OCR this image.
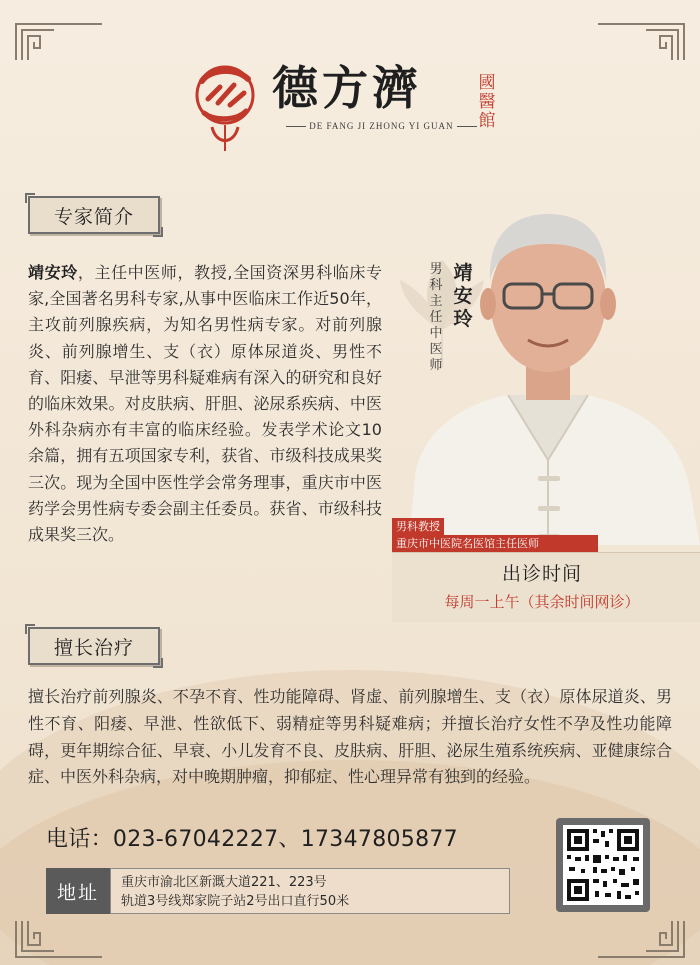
德方濟
DE FANG JI ZHONG YI GUAN
國醫館
专家简介
靖安玲，主任中医师，教授,全国资深男科临床专家,全国著名男科专家,从事中医临床工作近50年，主攻前列腺疾病，为知名男性病专家。对前列腺炎、前列腺增生、支（衣）原体尿道炎、男性不育、阳痿、早泄等男科疑难病有深入的研究和良好的临床效果。对皮肤病、肝胆、泌尿系疾病、中医外科杂病亦有丰富的临床经验。发表学术论文10余篇，拥有五项国家专利，获省、市级科技成果奖三次。现为全国中医性学会常务理事，重庆市中医药学会男性病专委会副主任委员。获省、市级科技成果奖三次。
靖安玲
男科主任中医师
男科教授
重庆市中医院名医馆主任医师
出诊时间
每周一上午（其余时间网诊）
擅长治疗
擅长治疗前列腺炎、不孕不育、性功能障碍、肾虚、前列腺增生、支（衣）原体尿道炎、男性不育、阳痿、早泄、性欲低下、弱精症等男科疑难病；并擅长治疗女性不孕及性功能障碍，更年期综合征、早衰、小儿发育不良、皮肤病、肝胆、泌尿生殖系统疾病、亚健康综合症、中医外科杂病，对中晚期肿瘤，抑郁症、性心理异常有独到的经验。
电话：023-67042227、17347805877
地址	重庆市渝北区新溉大道221、223号
轨道3号线郑家院子站2号出口直行50米
